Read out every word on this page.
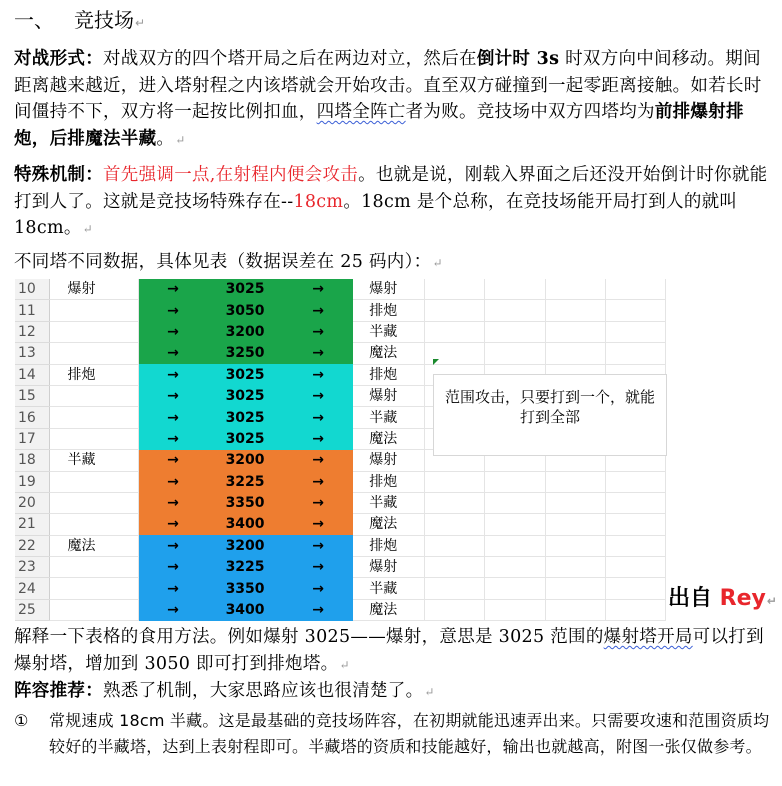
一、 竞技场↵
对战形式：对战双方的四个塔开局之后在两边对立，然后在倒计时 3s 时双方向中间移动。期间距离越来越近，进入塔射程之内该塔就会开始攻击。直至双方碰撞到一起零距离接触。如若长时间僵持不下，双方将一起按比例扣血，四塔全阵亡者为败。竞技场中双方四塔均为前排爆射排炮，后排魔法半藏。↵
特殊机制：首先强调一点,在射程内便会攻击。也就是说，刚载入界面之后还没开始倒计时你就能打到人了。这就是竞技场特殊存在--18cm。18cm 是个总称，在竞技场能开局打到人的就叫 18cm。↵
不同塔不同数据，具体见表（数据误差在 25 码内）：↵
10	爆射	→	3025	→	爆射				
11		→	3050	→	排炮				
12		→	3200	→	半藏				
13		→	3250	→	魔法				
14	排炮	→	3025	→	排炮				
15		→	3025	→	爆射				
16		→	3025	→	半藏				
17		→	3025	→	魔法				
18	半藏	→	3200	→	爆射				
19		→	3225	→	排炮				
20		→	3350	→	半藏				
21		→	3400	→	魔法				
22	魔法	→	3200	→	排炮				
23		→	3225	→	爆射				
24		→	3350	→	半藏				
25		→	3400	→	魔法				
范围攻击，只要打到一个，就能
打到全部
出自 Rey↵
解释一下表格的食用方法。例如爆射 3025——爆射，意思是 3025 范围的爆射塔开局可以打到爆射塔，增加到 3050 即可打到排炮塔。↵
阵容推荐：熟悉了机制，大家思路应该也很清楚了。↵
① 常规速成 18cm 半藏。这是最基础的竞技场阵容，在初期就能迅速弄出来。只需要攻速和范围资质均较好的半藏塔，达到上表射程即可。半藏塔的资质和技能越好，输出也就越高，附图一张仅做参考。
